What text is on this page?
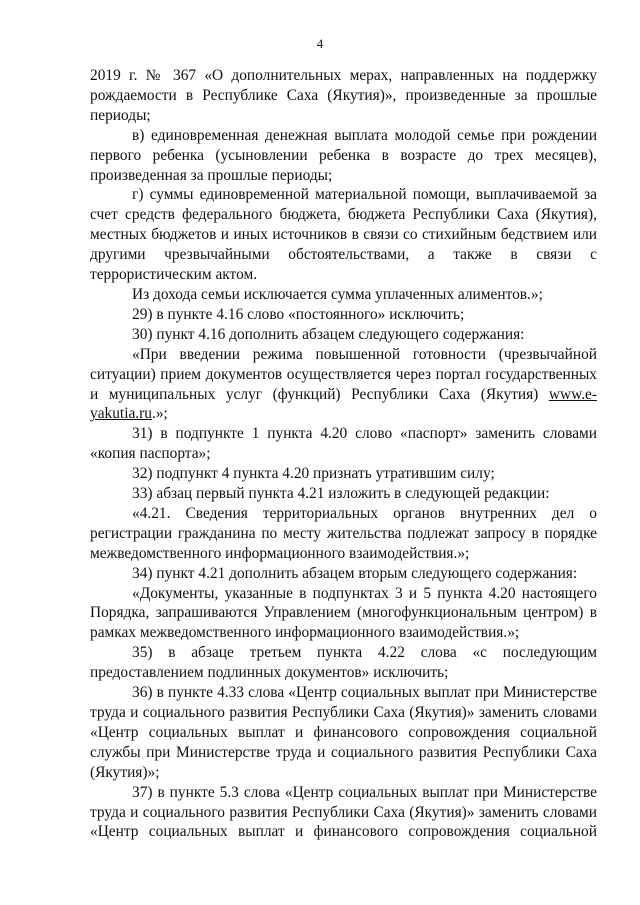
4

2019 г. № 367 «О дополнительных мерах, направленных на поддержку рождаемости в Республике Саха (Якутия)», произведенные за прошлые периоды;

в) единовременная денежная выплата молодой семье при рождении первого ребенка (усыновлении ребенка в возрасте до трех месяцев), произведенная за прошлые периоды;

г) суммы единовременной материальной помощи, выплачиваемой за счет средств федерального бюджета, бюджета Республики Саха (Якутия), местных бюджетов и иных источников в связи со стихийным бедствием или другими чрезвычайными обстоятельствами, а также в связи с террористическим актом.

Из дохода семьи исключается сумма уплаченных алиментов.»;

29) в пункте 4.16 слово «постоянного» исключить;

30) пункт 4.16 дополнить абзацем следующего содержания:

«При введении режима повышенной готовности (чрезвычайной ситуации) прием документов осуществляется через портал государственных и муниципальных услуг (функций) Республики Саха (Якутия) www.e-yakutia.ru.»;

31) в подпункте 1 пункта 4.20 слово «паспорт» заменить словами «копия паспорта»;

32) подпункт 4 пункта 4.20 признать утратившим силу;

33) абзац первый пункта 4.21 изложить в следующей редакции:

«4.21. Сведения территориальных органов внутренних дел о регистрации гражданина по месту жительства подлежат запросу в порядке межведомственного информационного взаимодействия.»;

34) пункт 4.21 дополнить абзацем вторым следующего содержания:

«Документы, указанные в подпунктах 3 и 5 пункта 4.20 настоящего Порядка, запрашиваются Управлением (многофункциональным центром) в рамках межведомственного информационного взаимодействия.»;

35) в абзаце третьем пункта 4.22 слова «с последующим предоставлением подлинных документов» исключить;

36) в пункте 4.33 слова «Центр социальных выплат при Министерстве труда и социального развития Республики Саха (Якутия)» заменить словами «Центр социальных выплат и финансового сопровождения социальной службы при Министерстве труда и социального развития Республики Саха (Якутия)»;

37) в пункте 5.3 слова «Центр социальных выплат при Министерстве труда и социального развития Республики Саха (Якутия)» заменить словами «Центр социальных выплат и финансового сопровождения социальной
